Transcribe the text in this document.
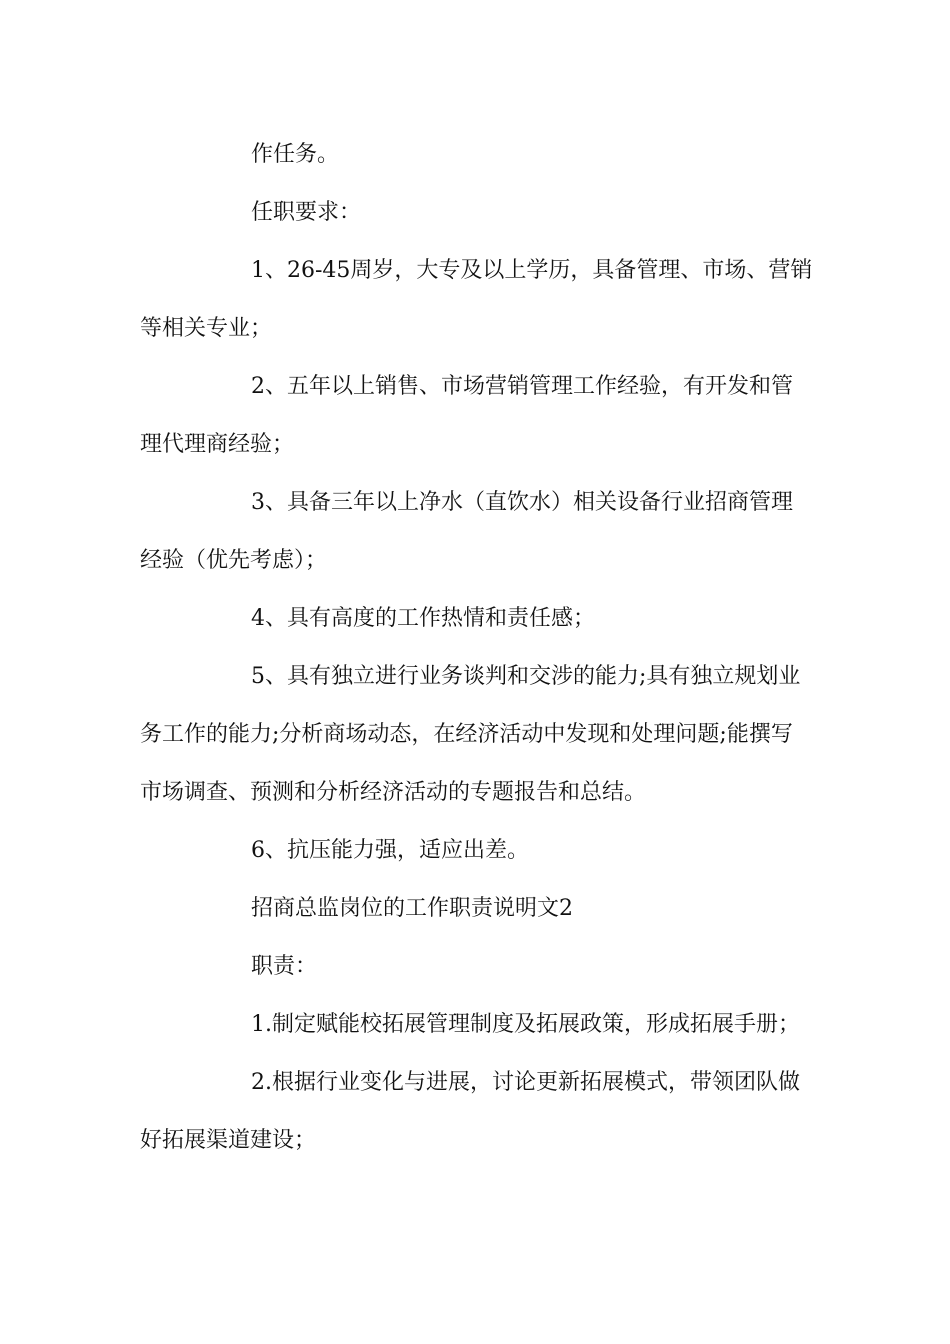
作任务。
任职要求：
1、26-45周岁，大专及以上学历，具备管理、市场、营销
等相关专业；
2、五年以上销售、市场营销管理工作经验，有开发和管
理代理商经验；
3、具备三年以上净水（直饮水）相关设备行业招商管理
经验（优先考虑）；
4、具有高度的工作热情和责任感；
5、具有独立进行业务谈判和交涉的能力;具有独立规划业
务工作的能力;分析商场动态，在经济活动中发现和处理问题;能撰写
市场调查、预测和分析经济活动的专题报告和总结。
6、抗压能力强，适应出差。
招商总监岗位的工作职责说明文2
职责：
1.制定赋能校拓展管理制度及拓展政策，形成拓展手册；
2.根据行业变化与进展，讨论更新拓展模式，带领团队做
好拓展渠道建设；
